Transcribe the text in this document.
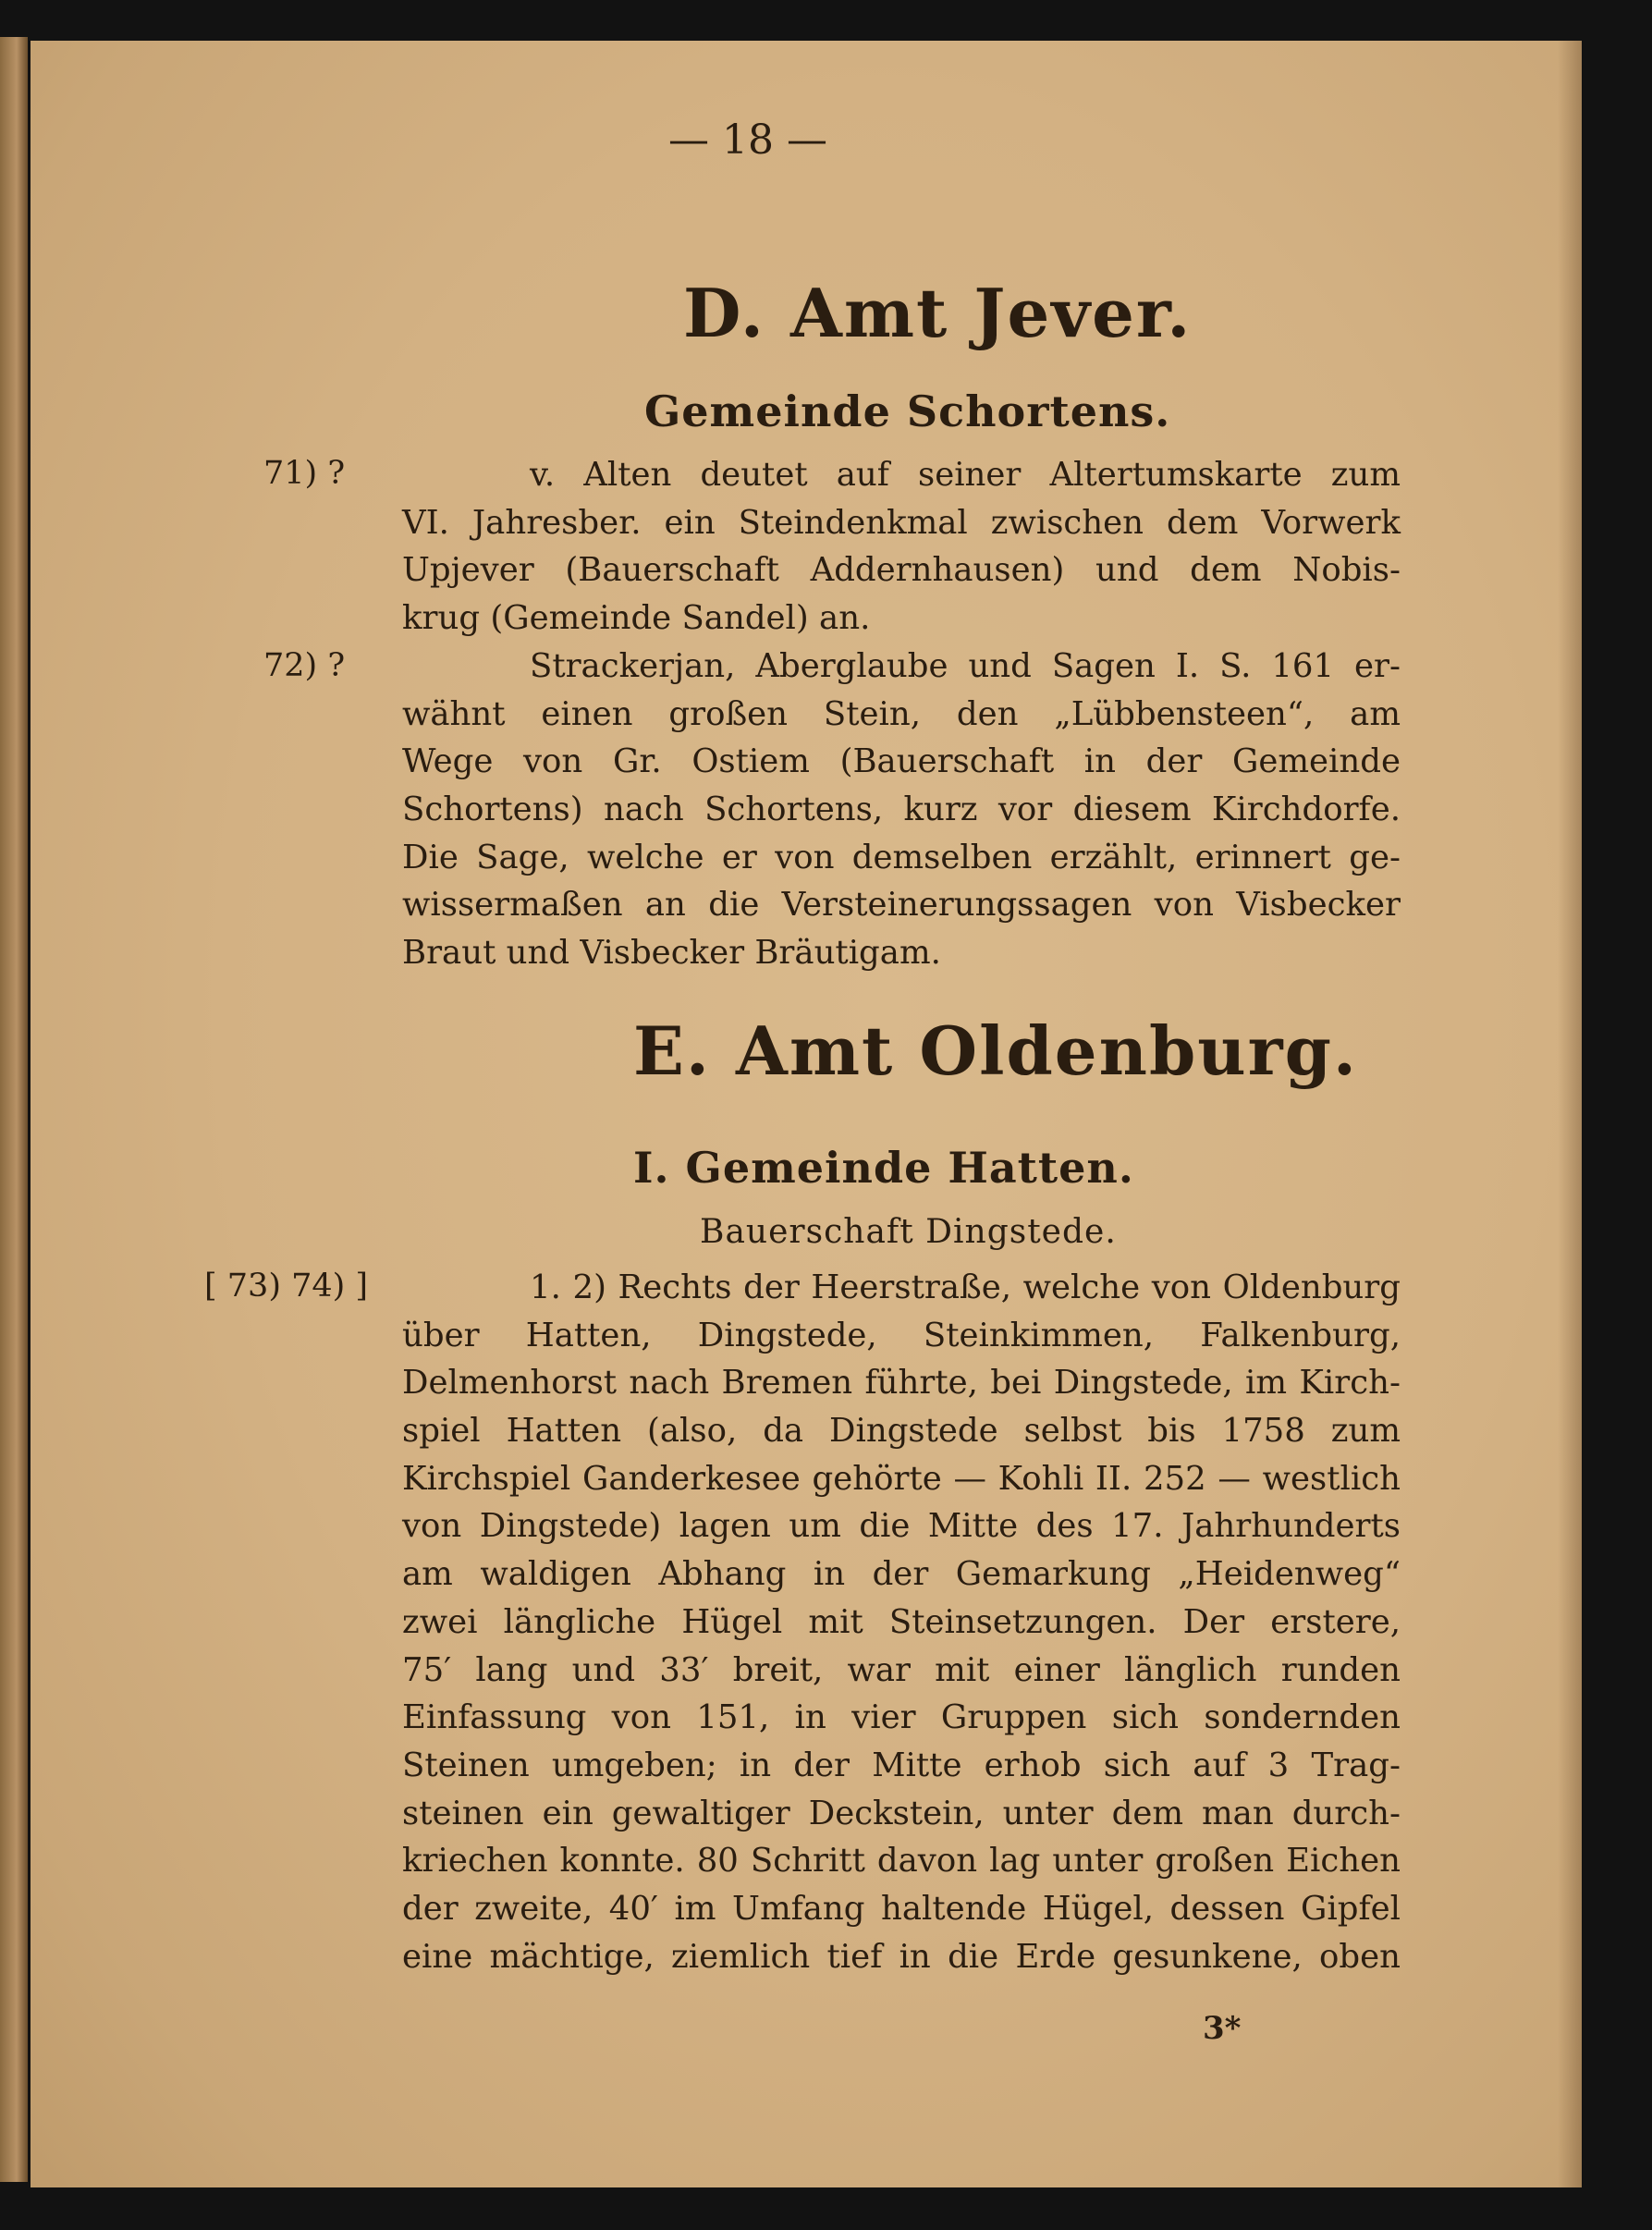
— 18 —
D. Amt Jever.
Gemeinde Schortens.
71) ?	v. Alten deutet auf seiner Altertumskarte zum
VI. Jahresber. ein Steindenkmal zwischen dem Vorwerk
Upjever (Bauerschaft Addernhausen) und dem Nobis-
krug (Gemeinde Sandel) an.
72) ?	Strackerjan, Aberglaube und Sagen I. S. 161 er-
wähnt einen großen Stein, den „Lübbensteen“, am
Wege von Gr. Ostiem (Bauerschaft in der Gemeinde
Schortens) nach Schortens, kurz vor diesem Kirchdorfe.
Die Sage, welche er von demselben erzählt, erinnert ge-
wissermaßen an die Versteinerungssagen von Visbecker
Braut und Visbecker Bräutigam.
E. Amt Oldenburg.
I. Gemeinde Hatten.
Bauerschaft Dingstede.
[ 73) 74) ]	1. 2) Rechts der Heerstraße, welche von Oldenburg
über Hatten, Dingstede, Steinkimmen, Falkenburg,
Delmenhorst nach Bremen führte, bei Dingstede, im Kirch-
spiel Hatten (also, da Dingstede selbst bis 1758 zum
Kirchspiel Ganderkesee gehörte — Kohli II. 252 — westlich
von Dingstede) lagen um die Mitte des 17. Jahrhunderts
am waldigen Abhang in der Gemarkung „Heidenweg“
zwei längliche Hügel mit Steinsetzungen. Der erstere,
75′ lang und 33′ breit, war mit einer länglich runden
Einfassung von 151, in vier Gruppen sich sondernden
Steinen umgeben; in der Mitte erhob sich auf 3 Trag-
steinen ein gewaltiger Deckstein, unter dem man durch-
kriechen konnte. 80 Schritt davon lag unter großen Eichen
der zweite, 40′ im Umfang haltende Hügel, dessen Gipfel
eine mächtige, ziemlich tief in die Erde gesunkene, oben
3*
